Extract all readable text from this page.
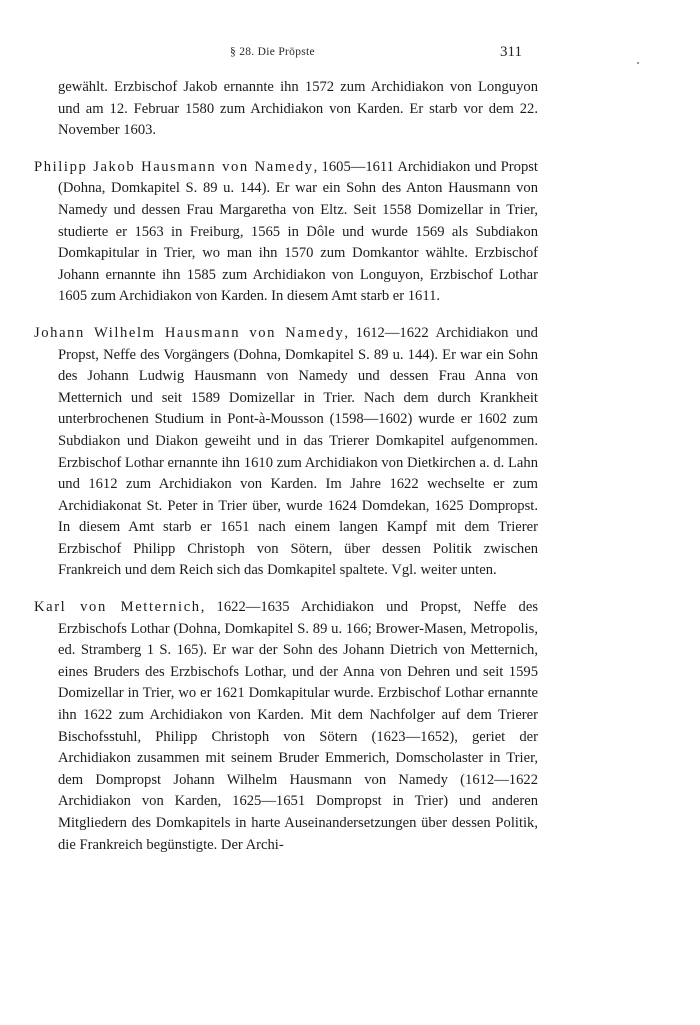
§ 28. Die Pröpste	311

gewählt. Erzbischof Jakob ernannte ihn 1572 zum Archidiakon von Longuyon und am 12. Februar 1580 zum Archidiakon von Karden. Er starb vor dem 22. November 1603.

Philipp Jakob Hausmann von Namedy, 1605—1611 Archidiakon und Propst (Dohna, Domkapitel S. 89 u. 144). Er war ein Sohn des Anton Hausmann von Namedy und dessen Frau Margaretha von Eltz. Seit 1558 Domizellar in Trier, studierte er 1563 in Freiburg, 1565 in Dôle und wurde 1569 als Subdiakon Domkapitular in Trier, wo man ihn 1570 zum Domkantor wählte. Erzbischof Johann ernannte ihn 1585 zum Archidiakon von Longuyon, Erzbischof Lothar 1605 zum Archidiakon von Karden. In diesem Amt starb er 1611.

Johann Wilhelm Hausmann von Namedy, 1612—1622 Archidiakon und Propst, Neffe des Vorgängers (Dohna, Domkapitel S. 89 u. 144). Er war ein Sohn des Johann Ludwig Hausmann von Namedy und dessen Frau Anna von Metternich und seit 1589 Domizellar in Trier. Nach dem durch Krankheit unterbrochenen Studium in Pont-à-Mousson (1598—1602) wurde er 1602 zum Subdiakon und Diakon geweiht und in das Trierer Domkapitel aufgenommen. Erzbischof Lothar ernannte ihn 1610 zum Archidiakon von Dietkirchen a. d. Lahn und 1612 zum Archidiakon von Karden. Im Jahre 1622 wechselte er zum Archidiakonat St. Peter in Trier über, wurde 1624 Domdekan, 1625 Dompropst. In diesem Amt starb er 1651 nach einem langen Kampf mit dem Trierer Erzbischof Philipp Christoph von Sötern, über dessen Politik zwischen Frankreich und dem Reich sich das Domkapitel spaltete. Vgl. weiter unten.

Karl von Metternich, 1622—1635 Archidiakon und Propst, Neffe des Erzbischofs Lothar (Dohna, Domkapitel S. 89 u. 166; Brower-Masen, Metropolis, ed. Stramberg 1 S. 165). Er war der Sohn des Johann Dietrich von Metternich, eines Bruders des Erzbischofs Lothar, und der Anna von Dehren und seit 1595 Domizellar in Trier, wo er 1621 Domkapitular wurde. Erzbischof Lothar ernannte ihn 1622 zum Archidiakon von Karden. Mit dem Nachfolger auf dem Trierer Bischofsstuhl, Philipp Christoph von Sötern (1623—1652), geriet der Archidiakon zusammen mit seinem Bruder Emmerich, Domscholaster in Trier, dem Dompropst Johann Wilhelm Hausmann von Namedy (1612—1622 Archidiakon von Karden, 1625—1651 Dompropst in Trier) und anderen Mitgliedern des Domkapitels in harte Auseinandersetzungen über dessen Politik, die Frankreich begünstigte. Der Archi-
